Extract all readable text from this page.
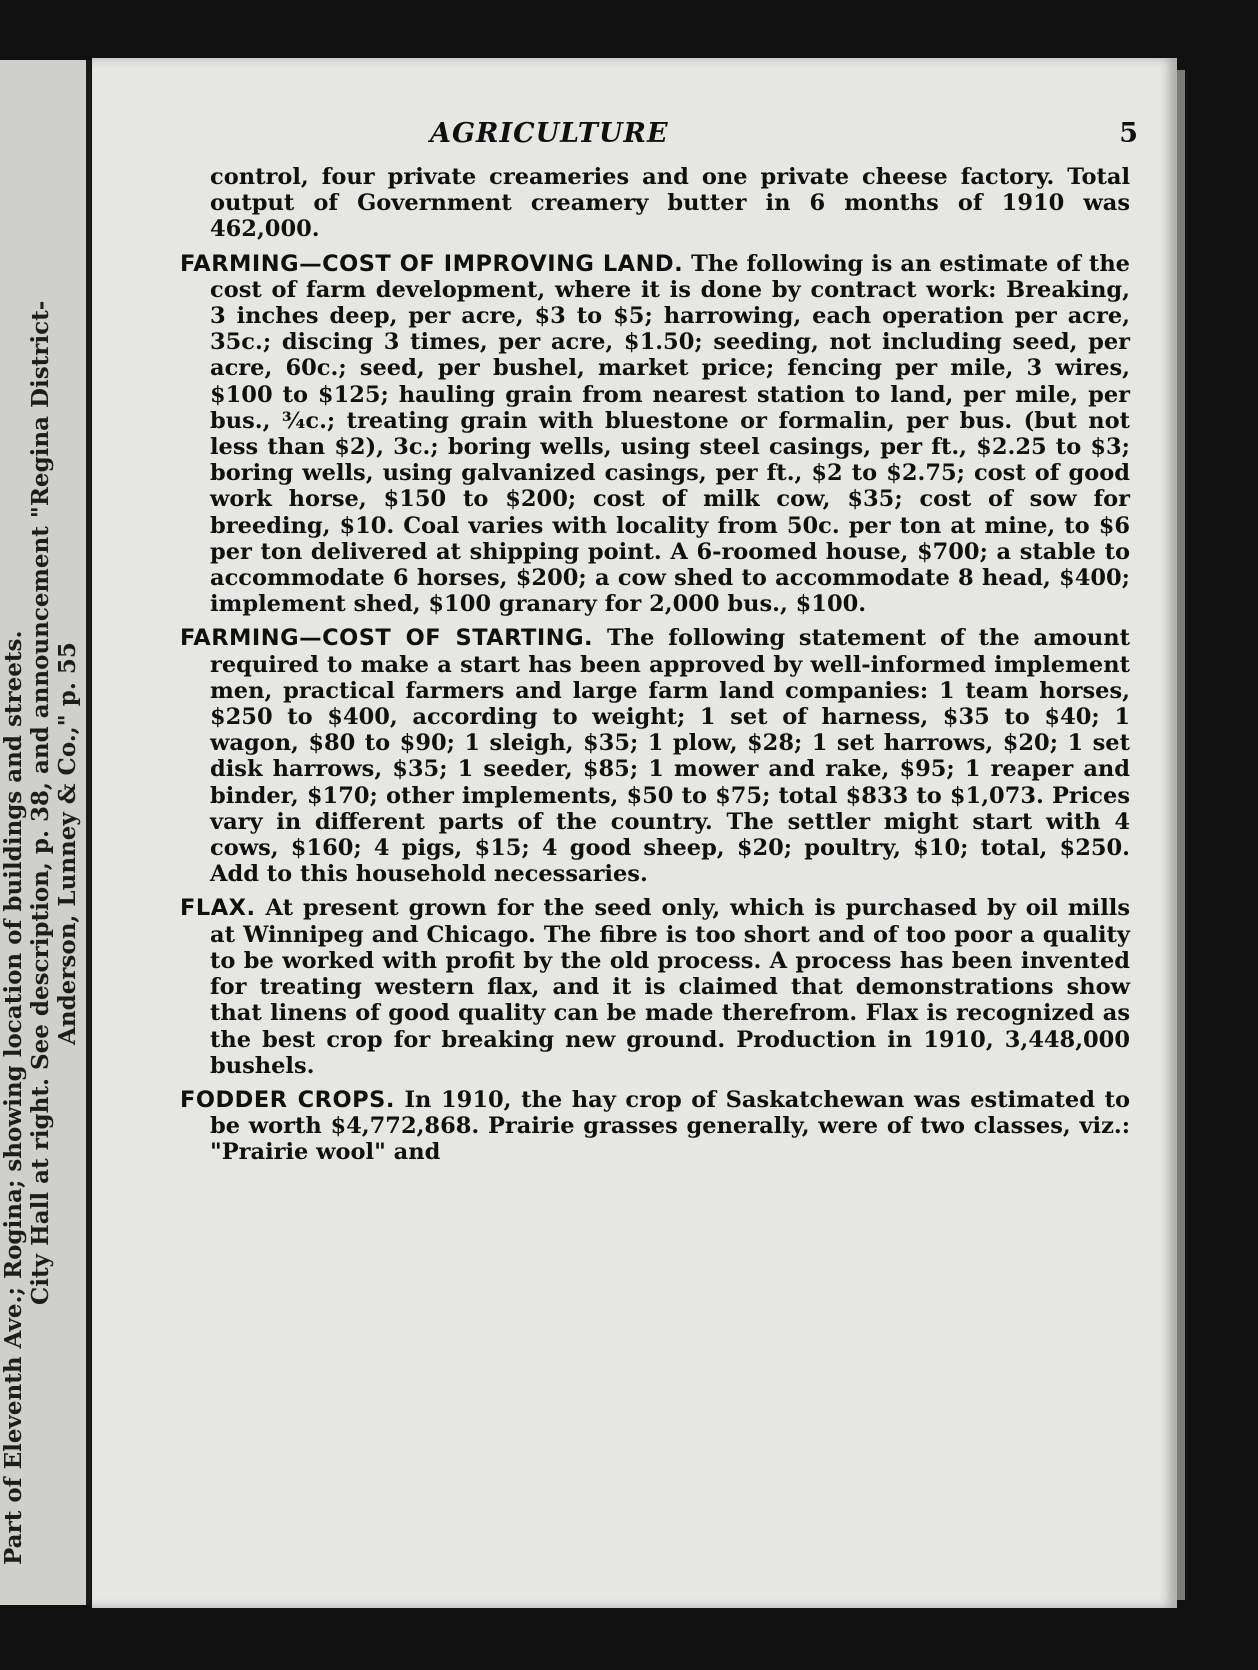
Part of Eleventh Ave.; Rogina; showing location of buildings and streets. City Hall at right. See description, p. 38, and announcement "Regina District- Anderson, Lunney & Co.," p. 55
AGRICULTURE	5

control, four private creameries and one private cheese factory. Total output of Government creamery butter in 6 months of 1910 was 462,000.

FARMING—COST OF IMPROVING LAND. The following is an estimate of the cost of farm development, where it is done by contract work: Breaking, 3 inches deep, per acre, $3 to $5; harrowing, each operation per acre, 35c.; discing 3 times, per acre, $1.50; seeding, not including seed, per acre, 60c.; seed, per bushel, market price; fencing per mile, 3 wires, $100 to $125; hauling grain from nearest station to land, per mile, per bus., ¾c.; treating grain with bluestone or formalin, per bus. (but not less than $2), 3c.; boring wells, using steel casings, per ft., $2.25 to $3; boring wells, using galvanized casings, per ft., $2 to $2.75; cost of good work horse, $150 to $200; cost of milk cow, $35; cost of sow for breeding, $10. Coal varies with locality from 50c. per ton at mine, to $6 per ton delivered at shipping point. A 6-roomed house, $700; a stable to accommodate 6 horses, $200; a cow shed to accommodate 8 head, $400; implement shed, $100 granary for 2,000 bus., $100.

FARMING—COST OF STARTING. The following statement of the amount required to make a start has been approved by well-informed implement men, practical farmers and large farm land companies: 1 team horses, $250 to $400, according to weight; 1 set of harness, $35 to $40; 1 wagon, $80 to $90; 1 sleigh, $35; 1 plow, $28; 1 set harrows, $20; 1 set disk harrows, $35; 1 seeder, $85; 1 mower and rake, $95; 1 reaper and binder, $170; other implements, $50 to $75; total $833 to $1,073. Prices vary in different parts of the country. The settler might start with 4 cows, $160; 4 pigs, $15; 4 good sheep, $20; poultry, $10; total, $250. Add to this household necessaries.

FLAX. At present grown for the seed only, which is purchased by oil mills at Winnipeg and Chicago. The fibre is too short and of too poor a quality to be worked with profit by the old process. A process has been invented for treating western flax, and it is claimed that demonstrations show that linens of good quality can be made therefrom. Flax is recognized as the best crop for breaking new ground. Production in 1910, 3,448,000 bushels.

FODDER CROPS. In 1910, the hay crop of Saskatchewan was estimated to be worth $4,772,868. Prairie grasses generally, were of two classes, viz.: "Prairie wool" and
